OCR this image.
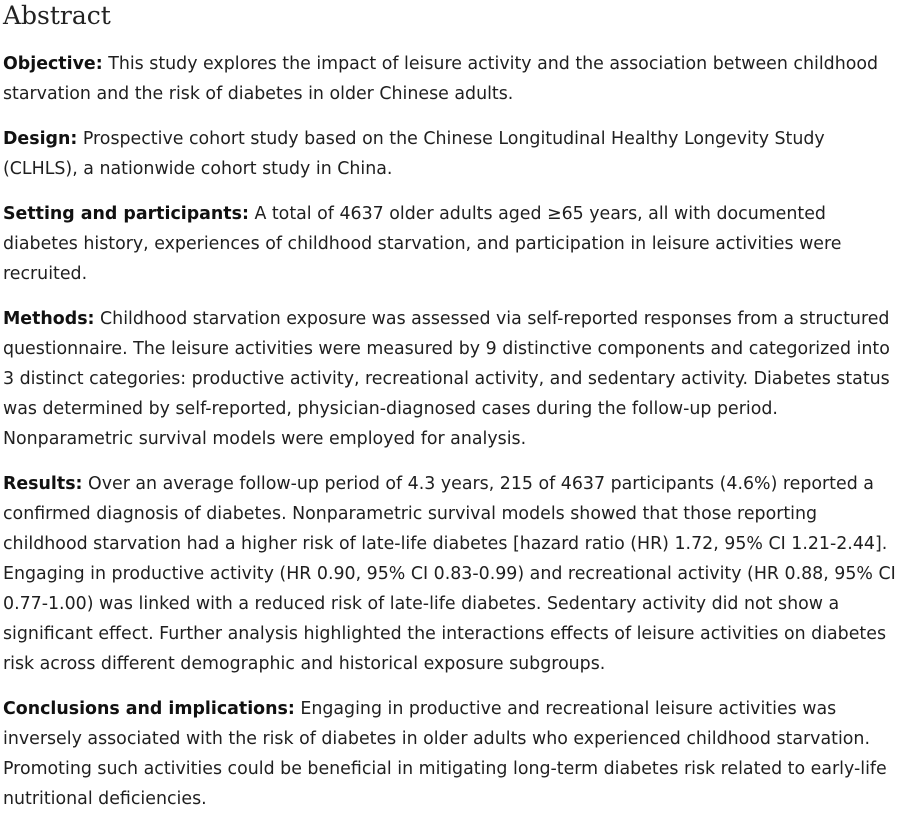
Abstract

Objective: This study explores the impact of leisure activity and the association between childhood starvation and the risk of diabetes in older Chinese adults.

Design: Prospective cohort study based on the Chinese Longitudinal Healthy Longevity Study (CLHLS), a nationwide cohort study in China.

Setting and participants: A total of 4637 older adults aged ≥65 years, all with documented diabetes history, experiences of childhood starvation, and participation in leisure activities were recruited.

Methods: Childhood starvation exposure was assessed via self-reported responses from a structured questionnaire. The leisure activities were measured by 9 distinctive components and categorized into 3 distinct categories: productive activity, recreational activity, and sedentary activity. Diabetes status was determined by self-reported, physician-diagnosed cases during the follow-up period. Nonparametric survival models were employed for analysis.

Results: Over an average follow-up period of 4.3 years, 215 of 4637 participants (4.6%) reported a confirmed diagnosis of diabetes. Nonparametric survival models showed that those reporting childhood starvation had a higher risk of late-life diabetes [hazard ratio (HR) 1.72, 95% CI 1.21-2.44]. Engaging in productive activity (HR 0.90, 95% CI 0.83-0.99) and recreational activity (HR 0.88, 95% CI 0.77-1.00) was linked with a reduced risk of late-life diabetes. Sedentary activity did not show a significant effect. Further analysis highlighted the interactions effects of leisure activities on diabetes risk across different demographic and historical exposure subgroups.

Conclusions and implications: Engaging in productive and recreational leisure activities was inversely associated with the risk of diabetes in older adults who experienced childhood starvation. Promoting such activities could be beneficial in mitigating long-term diabetes risk related to early-life nutritional deficiencies.
